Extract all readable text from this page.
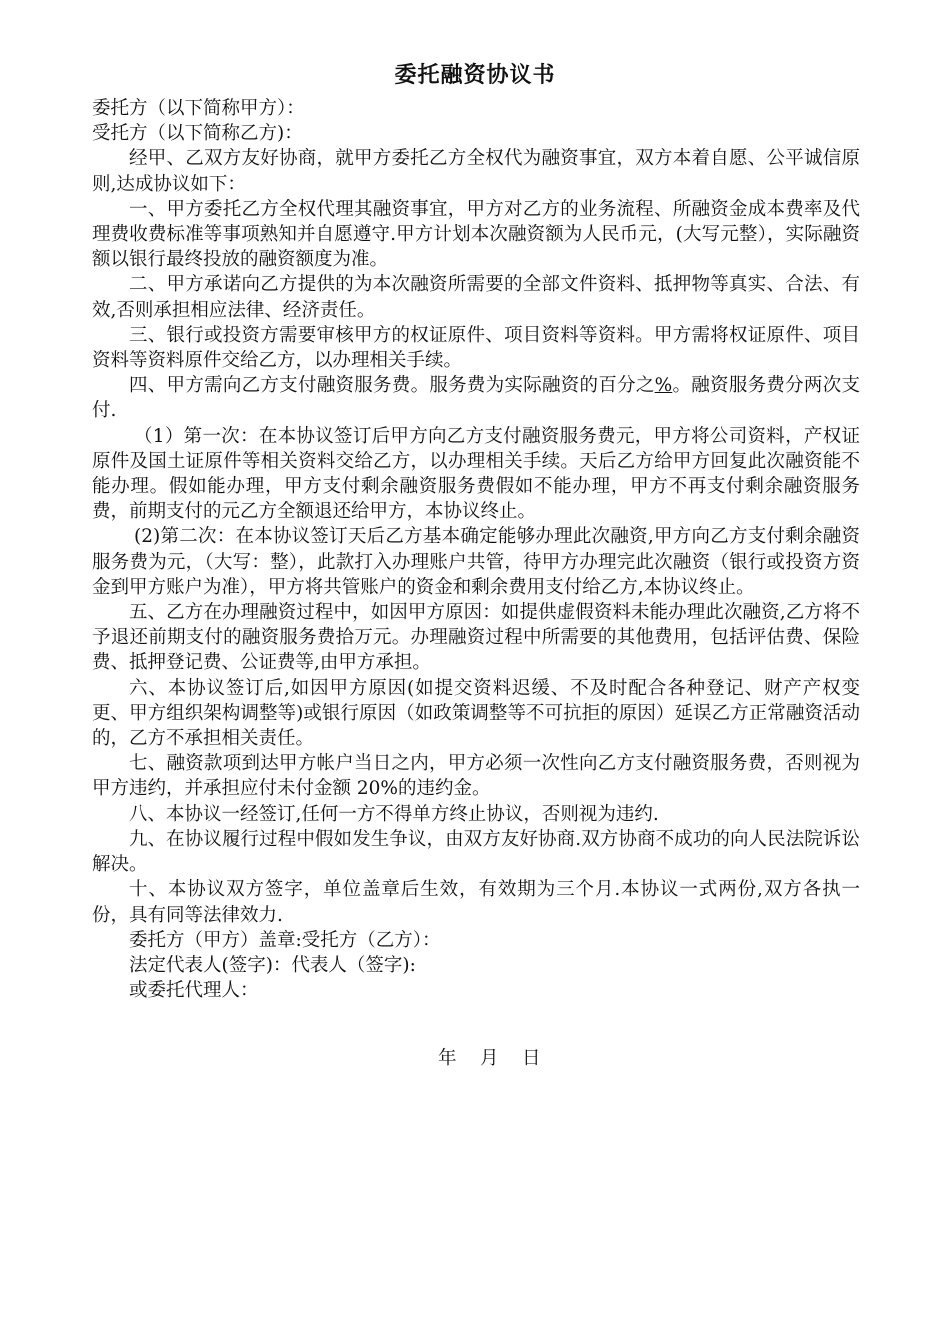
委托融资协议书

委托方（以下简称甲方）：

受托方（以下简称乙方)：

经甲、乙双方友好协商，就甲方委托乙方全权代为融资事宜，双方本着自愿、公平诚信原则,达成协议如下：

一、甲方委托乙方全权代理其融资事宜，甲方对乙方的业务流程、所融资金成本费率及代理费收费标准等事项熟知并自愿遵守.甲方计划本次融资额为人民币元，(大写元整），实际融资额以银行最终投放的融资额度为准。

二、甲方承诺向乙方提供的为本次融资所需要的全部文件资料、抵押物等真实、合法、有效,否则承担相应法律、经济责任。

三、银行或投资方需要审核甲方的权证原件、项目资料等资料。甲方需将权证原件、项目资料等资料原件交给乙方，以办理相关手续。

四、甲方需向乙方支付融资服务费。服务费为实际融资的百分之%。融资服务费分两次支付.

（1）第一次：在本协议签订后甲方向乙方支付融资服务费元，甲方将公司资料，产权证原件及国土证原件等相关资料交给乙方，以办理相关手续。天后乙方给甲方回复此次融资能不能办理。假如能办理，甲方支付剩余融资服务费假如不能办理，甲方不再支付剩余融资服务费，前期支付的元乙方全额退还给甲方，本协议终止。

(2)第二次：在本协议签订天后乙方基本确定能够办理此次融资,甲方向乙方支付剩余融资服务费为元，（大写：整），此款打入办理账户共管，待甲方办理完此次融资（银行或投资方资金到甲方账户为准），甲方将共管账户的资金和剩余费用支付给乙方,本协议终止。

五、乙方在办理融资过程中，如因甲方原因：如提供虚假资料未能办理此次融资,乙方将不予退还前期支付的融资服务费拾万元。办理融资过程中所需要的其他费用，包括评估费、保险费、抵押登记费、公证费等,由甲方承担。

六、本协议签订后,如因甲方原因(如提交资料迟缓、不及时配合各种登记、财产产权变更、甲方组织架构调整等)或银行原因（如政策调整等不可抗拒的原因）延误乙方正常融资活动的，乙方不承担相关责任。

七、融资款项到达甲方帐户当日之内，甲方必须一次性向乙方支付融资服务费，否则视为甲方违约，并承担应付未付金额 20%的违约金。

八、本协议一经签订,任何一方不得单方终止协议，否则视为违约.

九、在协议履行过程中假如发生争议，由双方友好协商.双方协商不成功的向人民法院诉讼解决。

十、本协议双方签字，单位盖章后生效，有效期为三个月.本协议一式两份,双方各执一份，具有同等法律效力.

委托方（甲方）盖章:受托方（乙方）：

法定代表人(签字)：代表人（签字):

或委托代理人：

年    月    日
